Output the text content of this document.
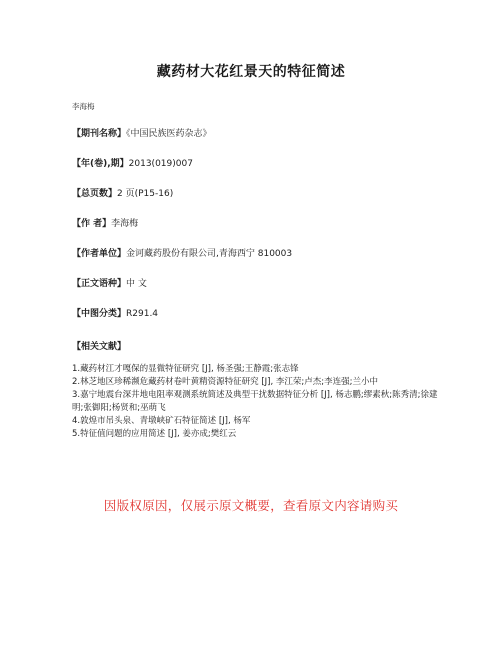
藏药材大花红景天的特征简述
李海梅
【期刊名称】《中国民族医药杂志》
【年(卷),期】2013(019)007
【总页数】2 页(P15-16)
【作 者】李海梅
【作者单位】金诃藏药股份有限公司,青海西宁 810003
【正文语种】中 文
【中图分类】R291.4
【相关文献】
1.藏药材江才嘎保的显微特征研究 [J], 杨圣强;王静霞;张志锋
2.林芝地区珍稀濒危藏药材卷叶黄精资源特征研究 [J], 李江荣;卢杰;李连强;兰小中
3.嘉宁地震台深井地电阻率观测系统简述及典型干扰数据特征分析 [J], 杨志鹏;缪素秋;陈秀清;徐建明;张御阳;杨贤和;巫萌飞
4.敦煌市吊头泉、青墩峡矿石特征简述 [J], 杨军
5.特征值问题的应用简述 [J], 姜亦成;樊红云
因版权原因，仅展示原文概要，查看原文内容请购买
